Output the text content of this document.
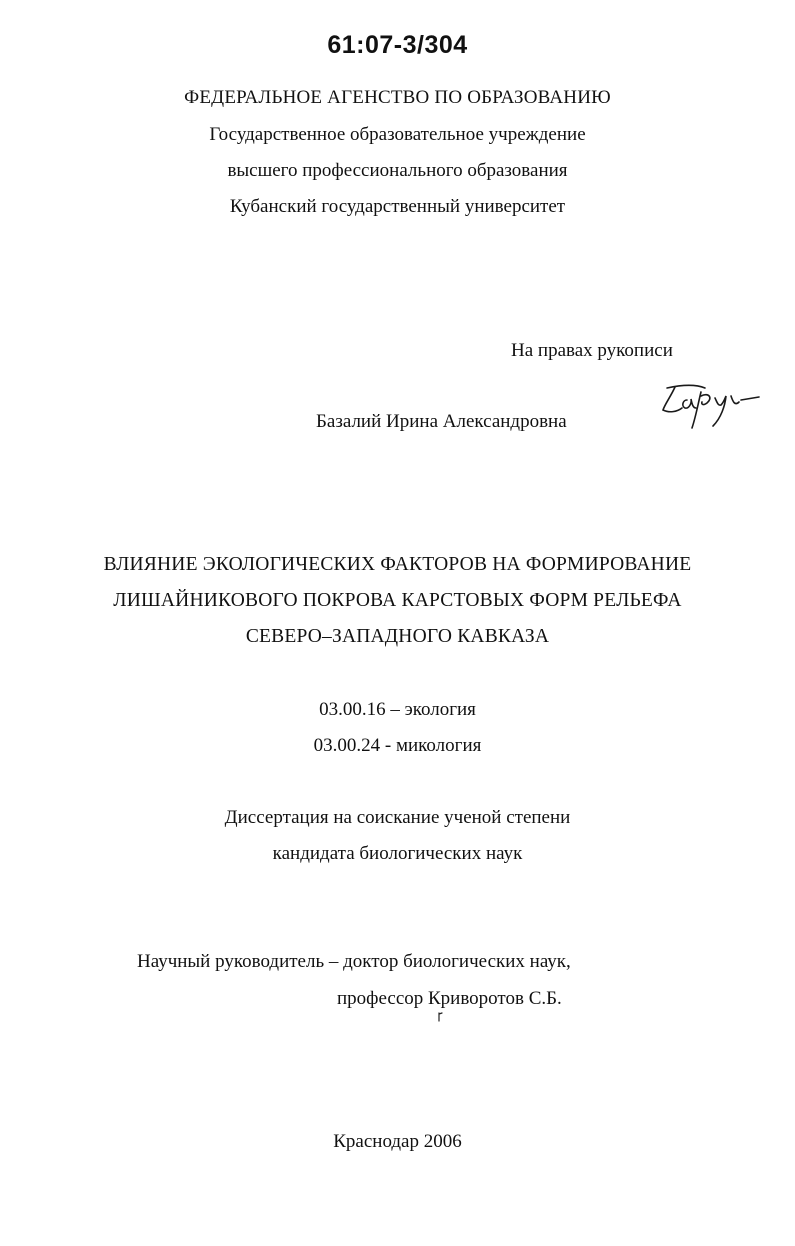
61:07-3/304
ФЕДЕРАЛЬНОЕ АГЕНСТВО ПО ОБРАЗОВАНИЮ
Государственное образовательное учреждение
высшего профессионального образования
Кубанский государственный университет
На правах рукописи
Базалий Ирина Александровна
ВЛИЯНИЕ ЭКОЛОГИЧЕСКИХ ФАКТОРОВ НА ФОРМИРОВАНИЕ
ЛИШАЙНИКОВОГО ПОКРОВА КАРСТОВЫХ ФОРМ РЕЛЬЕФА
СЕВЕРО–ЗАПАДНОГО КАВКАЗА
03.00.16 – экология
03.00.24 - микология
Диссертация на соискание ученой степени
кандидата биологических наук
Научный руководитель – доктор биологических наук,
профессор Криворотов С.Б.
Краснодар 2006
